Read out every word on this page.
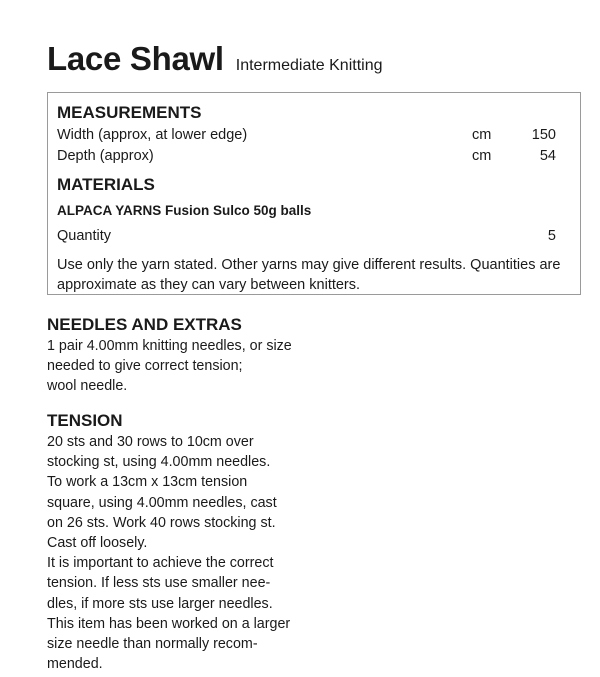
Lace Shawl Intermediate Knitting
MEASUREMENTS
Width (approx, at lower edge)	cm	150
Depth (approx)	cm	54
MATERIALS
ALPACA YARNS Fusion Sulco 50g balls
Quantity	5
Use only the yarn stated. Other yarns may give different results. Quantities are approximate as they can vary between knitters.
NEEDLES AND EXTRAS
1 pair 4.00mm knitting needles, or size
needed to give correct tension;
wool needle.
TENSION
20 sts and 30 rows to 10cm over
stocking st, using 4.00mm needles.
To work a 13cm x 13cm tension
square, using 4.00mm needles, cast
on 26 sts. Work 40 rows stocking st.
Cast off loosely.
It is important to achieve the correct
tension. If less sts use smaller nee-
dles, if more sts use larger needles.
This item has been worked on a larger
size needle than normally recom-
mended.
